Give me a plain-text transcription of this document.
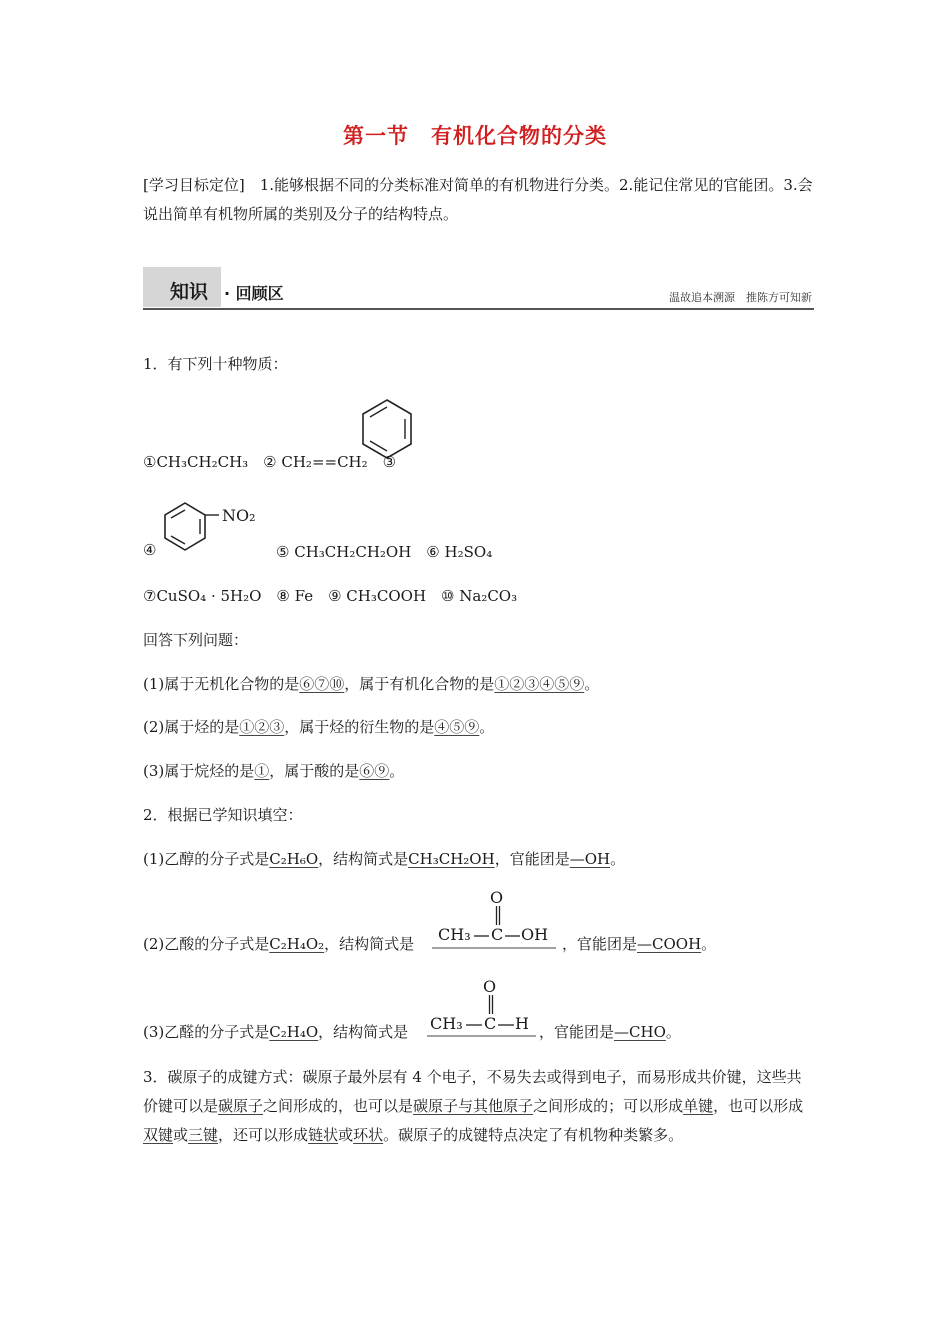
第一节　有机化合物的分类
[学习目标定位]　1.能够根据不同的分类标准对简单的有机物进行分类。2.能记住常见的官能团。3.会说出简单有机物所属的类别及分子的结构特点。
知识 · 回顾区	温故追本溯源　推陈方可知新
1．有下列十种物质：
①CH₃CH₂CH₃　② CH₂==CH₂　③
NO₂
④	⑤ CH₃CH₂CH₂OH　⑥ H₂SO₄
⑦CuSO₄ · 5H₂O　⑧ Fe　⑨ CH₃COOH　⑩ Na₂CO₃
回答下列问题：
(1)属于无机化合物的是⑥⑦⑩，属于有机化合物的是①②③④⑤⑨。
(2)属于烃的是①②③，属于烃的衍生物的是④⑤⑨。
(3)属于烷烃的是①，属于酸的是⑥⑨。
2．根据已学知识填空：
(1)乙醇的分子式是C₂H₆O，结构简式是CH₃CH₂OH，官能团是—OH。
(2)乙酸的分子式是C₂H₄O₂，结构简式是
O
CH₃ C OH ，官能团是—COOH。
(3)乙醛的分子式是C₂H₄O，结构简式是
O
CH₃ C H ，官能团是—CHO。
3．碳原子的成键方式：碳原子最外层有 4 个电子，不易失去或得到电子，而易形成共价键，这些共价键可以是碳原子之间形成的，也可以是碳原子与其他原子之间形成的；可以形成单键，也可以形成双键或三键，还可以形成链状或环状。碳原子的成键特点决定了有机物种类繁多。
